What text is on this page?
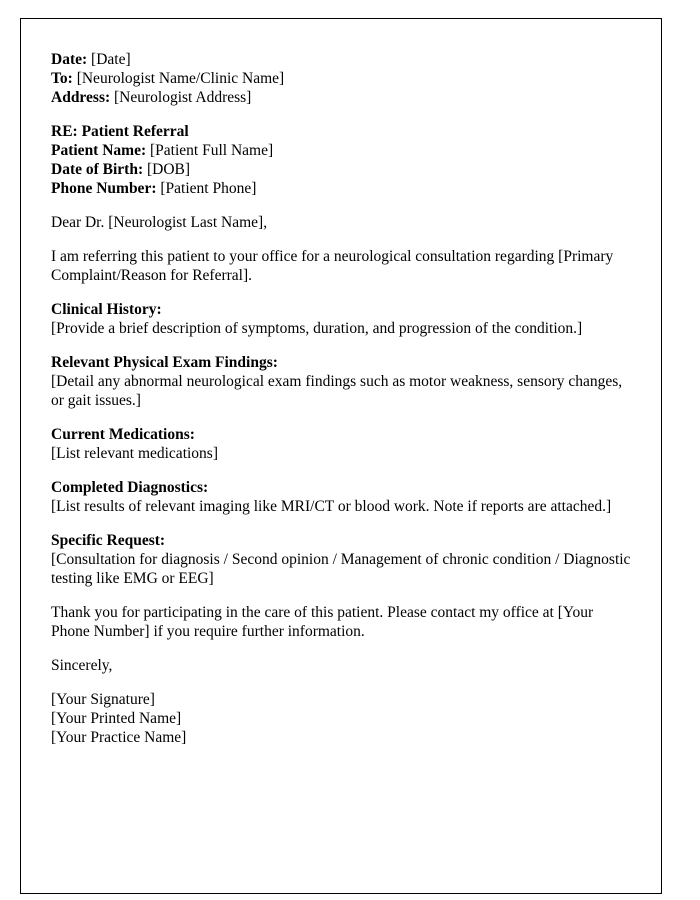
Date: [Date]

To: [Neurologist Name/Clinic Name]
Address: [Neurologist Address]
RE: Patient Referral
Patient Name: [Patient Full Name]
Date of Birth: [DOB]
Phone Number: [Patient Phone]

Dear Dr. [Neurologist Last Name],

I am referring this patient to your office for a neurological consultation regarding [Primary Complaint/Reason for Referral].

Clinical History:
[Provide a brief description of symptoms, duration, and progression of the condition.]
Relevant Physical Exam Findings:
[Detail any abnormal neurological exam findings such as motor weakness, sensory changes, or gait issues.]
Current Medications:
[List relevant medications]
Completed Diagnostics:
[List results of relevant imaging like MRI/CT or blood work. Note if reports are attached.]
Specific Request:
[Consultation for diagnosis / Second opinion / Management of chronic condition / Diagnostic testing like EMG or EEG]

Thank you for participating in the care of this patient. Please contact my office at [Your Phone Number] if you require further information.

Sincerely,

[Your Signature]
[Your Printed Name]
[Your Practice Name]
